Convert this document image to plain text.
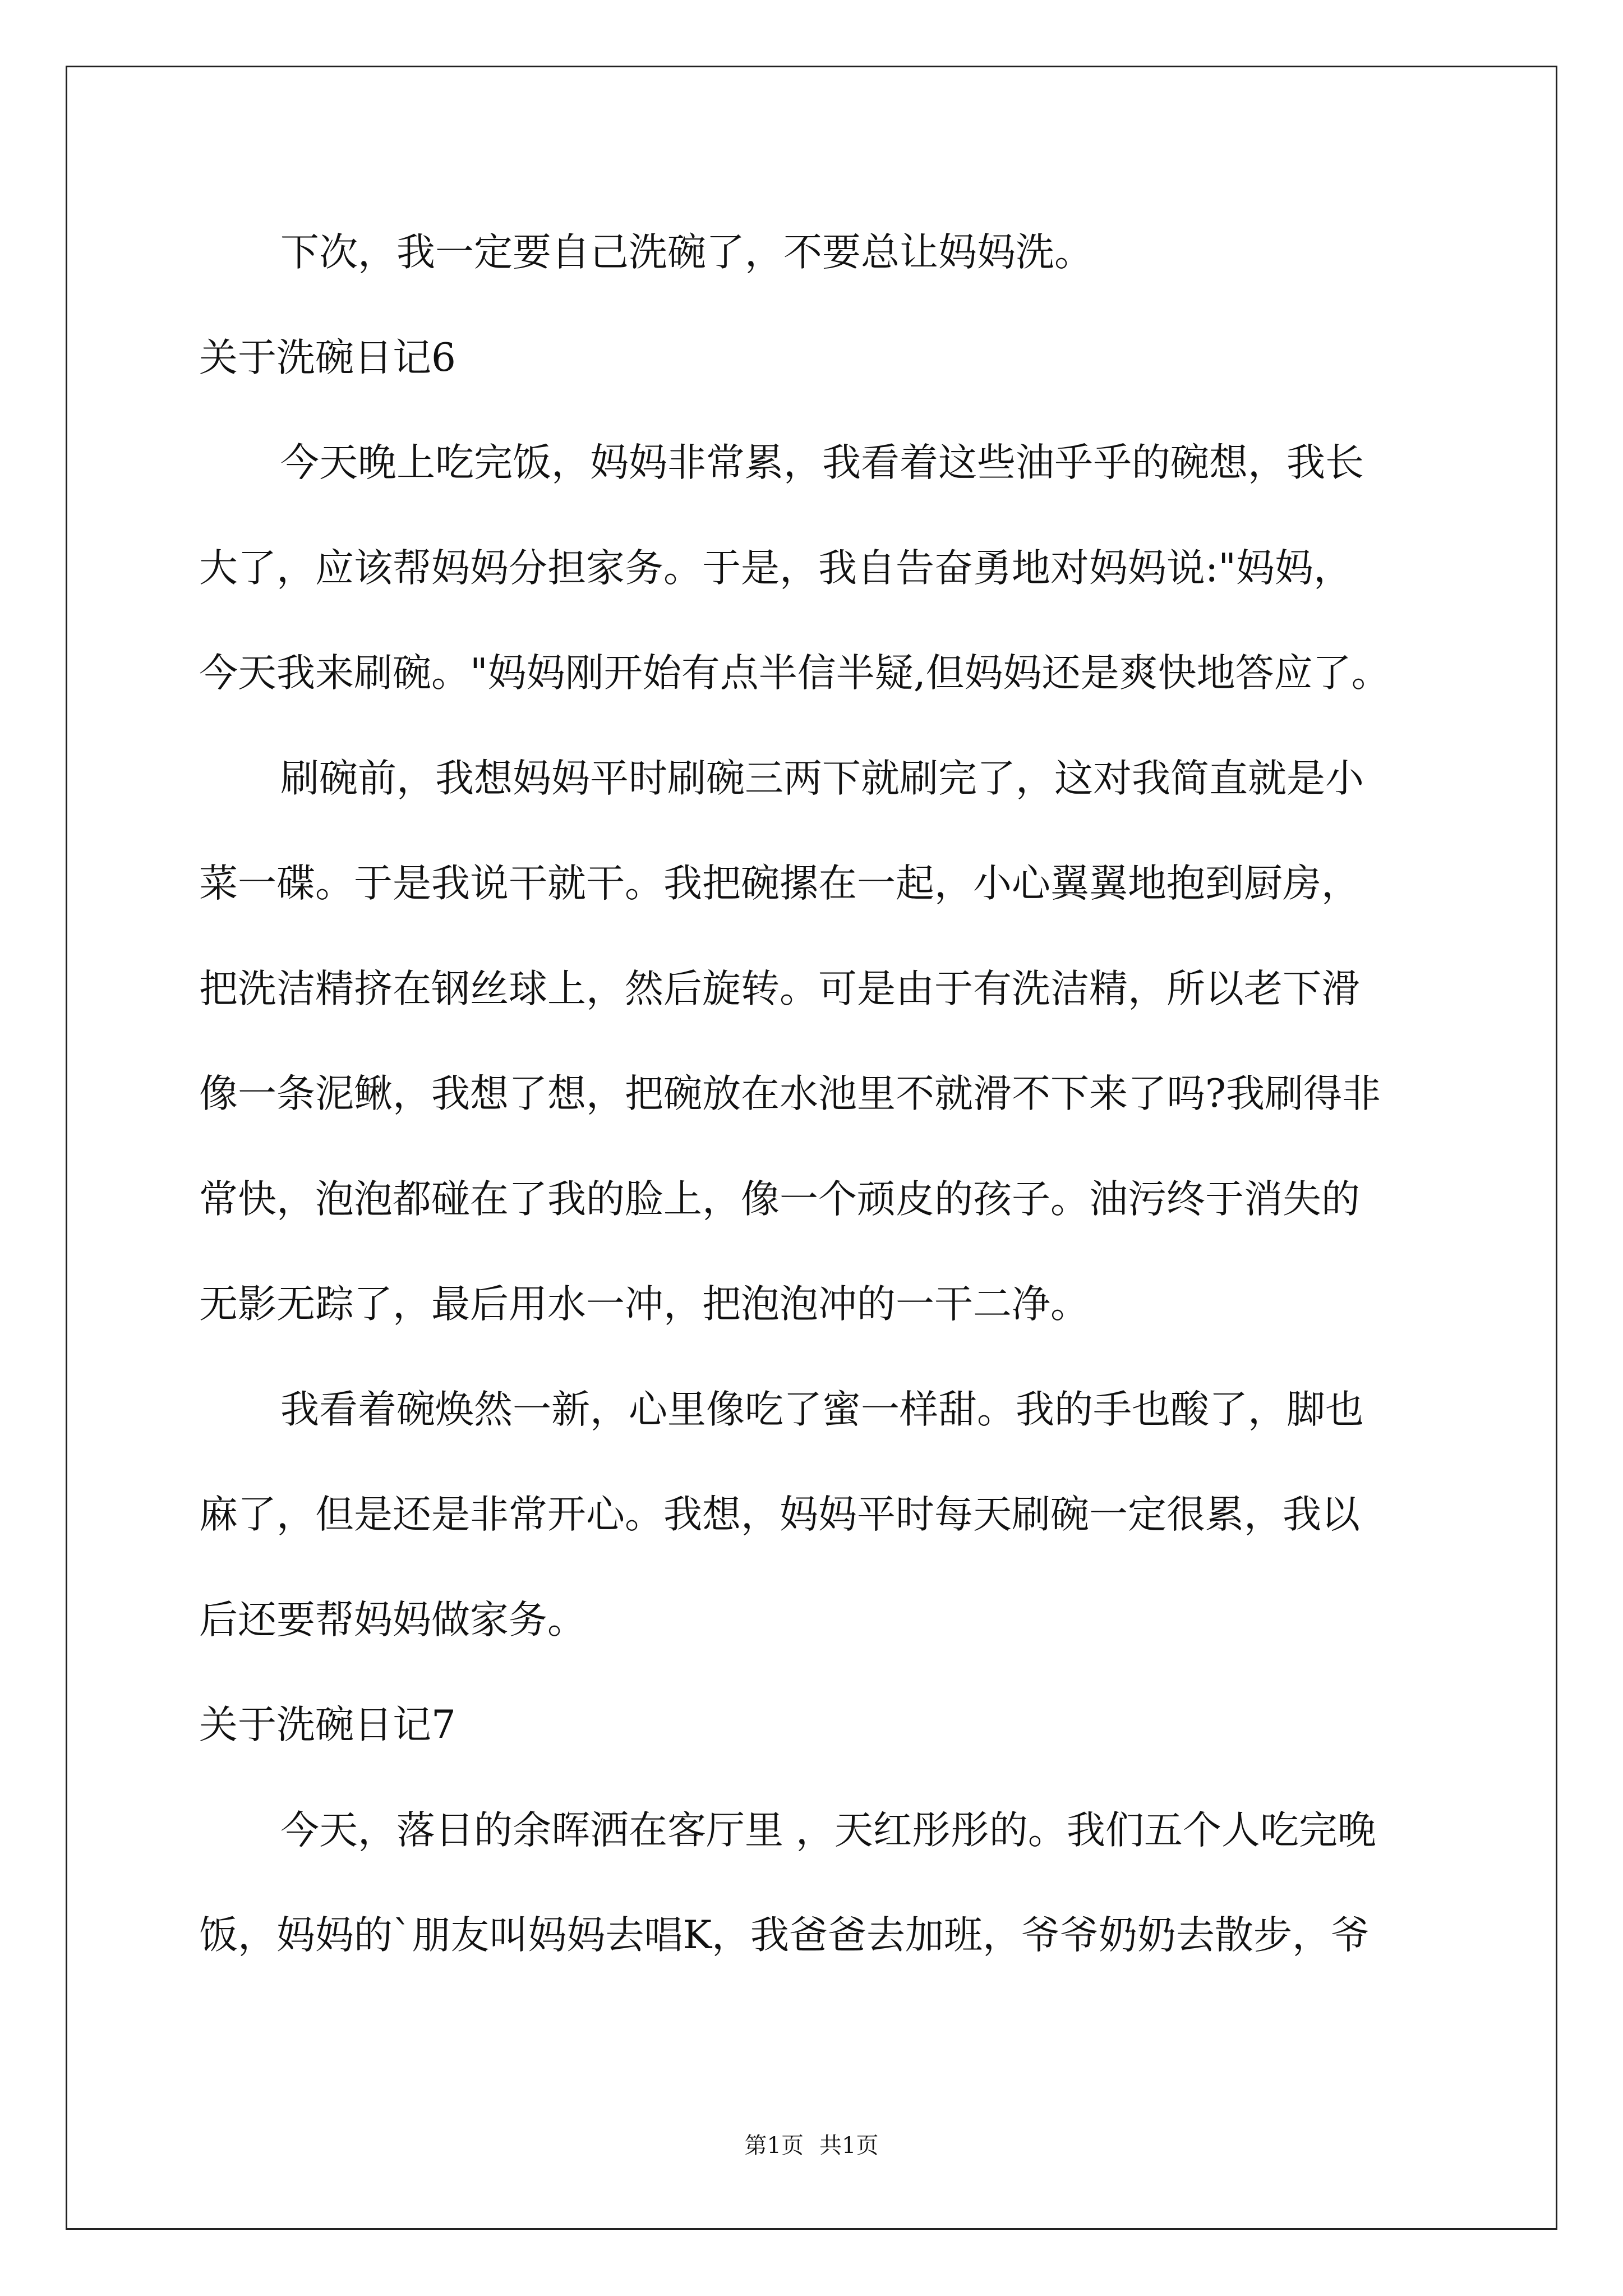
下次，我一定要自己洗碗了，不要总让妈妈洗。
关于洗碗日记6
今天晚上吃完饭，妈妈非常累，我看着这些油乎乎的碗想，我长
大了，应该帮妈妈分担家务。于是，我自告奋勇地对妈妈说:"妈妈，
今天我来刷碗。"妈妈刚开始有点半信半疑,但妈妈还是爽快地答应了。
刷碗前，我想妈妈平时刷碗三两下就刷完了，这对我简直就是小
菜一碟。于是我说干就干。我把碗摞在一起，小心翼翼地抱到厨房，
把洗洁精挤在钢丝球上，然后旋转。可是由于有洗洁精，所以老下滑
像一条泥鳅，我想了想，把碗放在水池里不就滑不下来了吗?我刷得非
常快，泡泡都碰在了我的脸上，像一个顽皮的孩子。油污终于消失的
无影无踪了，最后用水一冲，把泡泡冲的一干二净。
我看着碗焕然一新，心里像吃了蜜一样甜。我的手也酸了，脚也
麻了，但是还是非常开心。我想，妈妈平时每天刷碗一定很累，我以
后还要帮妈妈做家务。
关于洗碗日记7
今天，落日的余晖洒在客厅里 ，天红彤彤的。我们五个人吃完晚
饭，妈妈的`朋友叫妈妈去唱K，我爸爸去加班，爷爷奶奶去散步，爷
第1页 共1页
